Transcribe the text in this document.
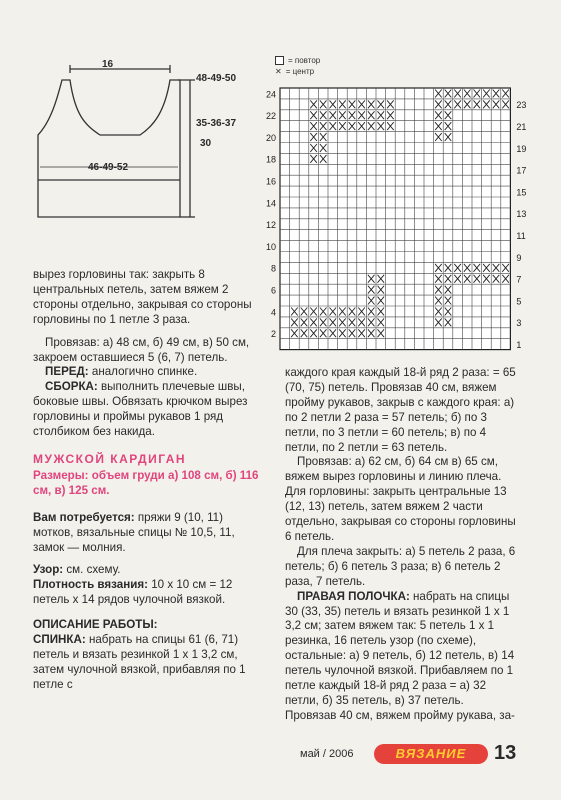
16
48-49-50
35-36-37
30
46-49-52
= повтор
✕ = центр
24
22
20
18
16
14
12
10
8
6
4
2
23
21
19
17
15
13
11
9
7
5
3
1

вырез горловины так: закрыть 8 центральных петель, затем вяжем 2 стороны отдельно, закрывая со стороны горловины по 1 петле 3 раза.

Провязав: а) 48 см, б) 49 см, в) 50 см, закроем оставшиеся 5 (6, 7) петель.

ПЕРЕД: аналогично спинке.

СБОРКА: выполнить плечевые швы, боковые швы. Обвязать крючком вырез горловины и проймы рукавов 1 ряд столбиком без накида.

МУЖСКОЙ КАРДИГАН
Размеры: объем груди а) 108 см, б) 116 см, в) 125 см.

Вам потребуется: пряжи 9 (10, 11) мотков, вязальные спицы № 10,5, 11, замок — молния.

Узор: см. схему.

Плотность вязания: 10 х 10 см = 12 петель х 14 рядов чулочной вязкой.

ОПИСАНИЕ РАБОТЫ:

СПИНКА: набрать на спицы 61 (6, 71) петель и вязать резинкой 1 х 1 3,2 см, затем чулочной вязкой, прибавляя по 1 петле с

каждого края каждый 18-й ряд 2 раза: = 65 (70, 75) петель. Провязав 40 см, вяжем пройму рукавов, закрыв с каждого края: а) по 2 петли 2 раза = 57 петель; б) по 3 петли, по 3 петли = 60 петель; в) по 4 петли, по 2 петли = 63 петель.

Провязав: а) 62 см, б) 64 см в) 65 см, вяжем вырез горловины и линию плеча. Для горловины: закрыть центральные 13 (12, 13) петель, затем вяжем 2 части отдельно, закрывая со стороны горловины 6 петель.

Для плеча закрыть: а) 5 петель 2 раза, 6 петель; б) 6 петель 3 раза; в) 6 петель 2 раза, 7 петель.

ПРАВАЯ ПОЛОЧКА: набрать на спицы 30 (33, 35) петель и вязать резинкой 1 х 1 3,2 см; затем вяжем так: 5 петель 1 х 1 резинка, 16 петель узор (по схеме), остальные: а) 9 петель, б) 12 петель, в) 14 петель чулочной вязкой. Прибавляем по 1 петле каждый 18-й ряд 2 раза = а) 32 петли, б) 35 петель, в) 37 петель. Провязав 40 см, вяжем пройму рукава, за-

май / 2006	ВЯЗАНИЕ	13
